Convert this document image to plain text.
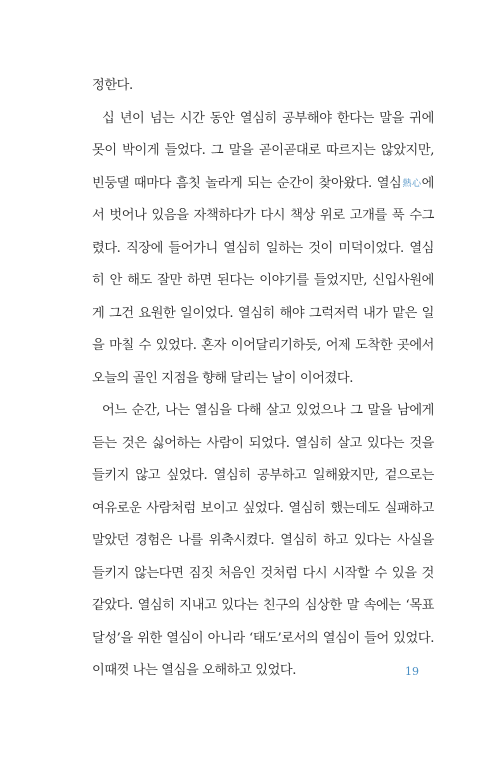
정한다.
십 년이 넘는 시간 동안 열심히 공부해야 한다는 말을 귀에
못이 박이게 들었다. 그 말을 곧이곧대로 따르지는 않았지만,
빈둥댈 때마다 흠칫 놀라게 되는 순간이 찾아왔다. 열심熱心에
서 벗어나 있음을 자책하다가 다시 책상 위로 고개를 푹 수그
렸다. 직장에 들어가니 열심히 일하는 것이 미덕이었다. 열심
히 안 해도 잘만 하면 된다는 이야기를 들었지만, 신입사원에
게 그건 요원한 일이었다. 열심히 해야 그럭저럭 내가 맡은 일
을 마칠 수 있었다. 혼자 이어달리기하듯, 어제 도착한 곳에서
오늘의 골인 지점을 향해 달리는 날이 이어졌다.
어느 순간, 나는 열심을 다해 살고 있었으나 그 말을 남에게
듣는 것은 싫어하는 사람이 되었다. 열심히 살고 있다는 것을
들키지 않고 싶었다. 열심히 공부하고 일해왔지만, 겉으로는
여유로운 사람처럼 보이고 싶었다. 열심히 했는데도 실패하고
말았던 경험은 나를 위축시켰다. 열심히 하고 있다는 사실을
들키지 않는다면 짐짓 처음인 것처럼 다시 시작할 수 있을 것
같았다. 열심히 지내고 있다는 친구의 심상한 말 속에는 ‘목표
달성’을 위한 열심이 아니라 ‘태도’로서의 열심이 들어 있었다.
이때껏 나는 열심을 오해하고 있었다.	19
